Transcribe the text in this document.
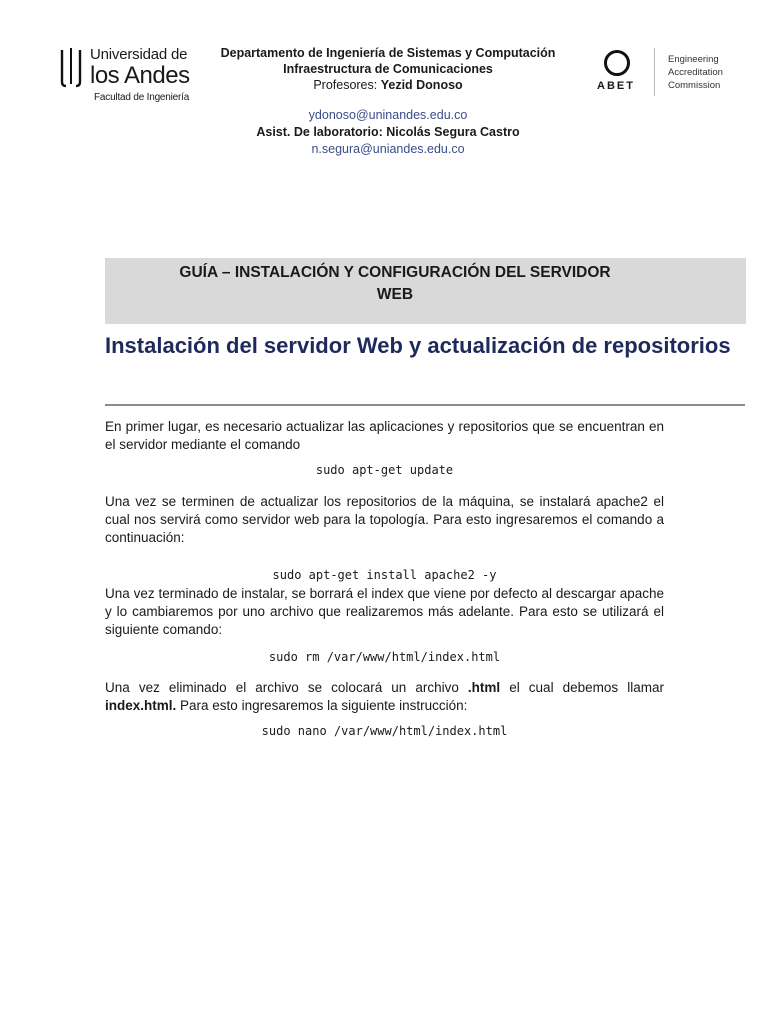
Universidad de
los Andes
Facultad de Ingeniería
Departamento de Ingeniería de Sistemas y Computación
Infraestructura de Comunicaciones
Profesores: Yezid Donoso
ydonoso@uninandes.edu.co
Asist. De laboratorio: Nicolás Segura Castro
n.segura@uniandes.edu.co
ABET
Engineering
Accreditation
Commission
GUÍA – INSTALACIÓN Y CONFIGURACIÓN DEL SERVIDOR
WEB
Instalación del servidor Web y actualización de repositorios
En primer lugar, es necesario actualizar las aplicaciones y repositorios que se encuentran en el servidor mediante el comando
sudo apt-get update
Una vez se terminen de actualizar los repositorios de la máquina, se instalará apache2 el cual nos servirá como servidor web para la topología. Para esto ingresaremos el comando a continuación:
sudo apt-get install apache2 -y
Una vez terminado de instalar, se borrará el index que viene por defecto al descargar apache y lo cambiaremos por uno archivo que realizaremos más adelante. Para esto se utilizará el siguiente comando:
sudo rm /var/www/html/index.html
Una vez eliminado el archivo se colocará un archivo .html el cual debemos llamar index.html. Para esto ingresaremos la siguiente instrucción:
sudo nano /var/www/html/index.html
